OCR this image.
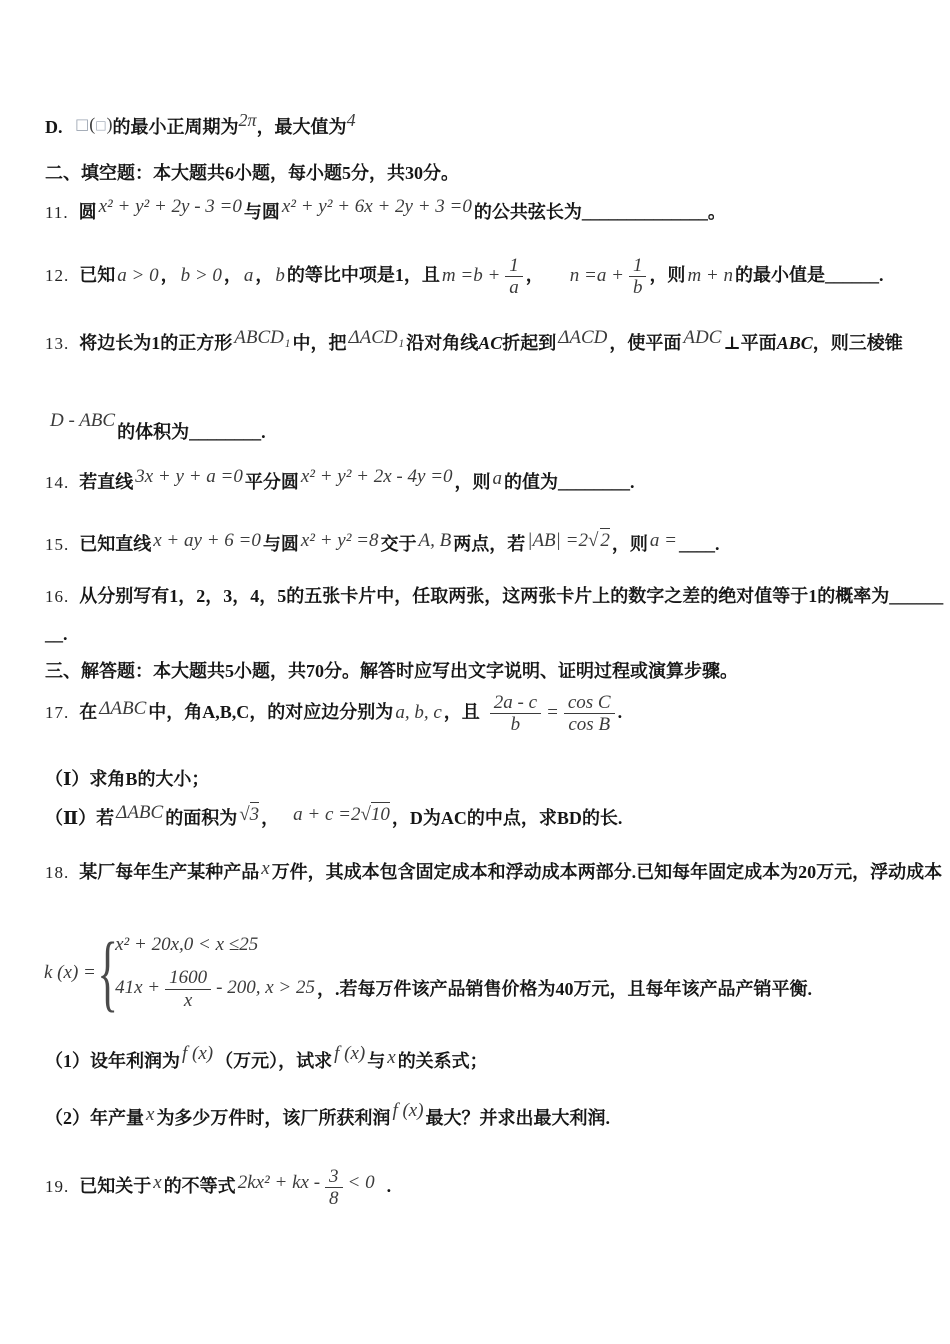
D. □(□)的最小正周期为2π，最大值为4
二、填空题：本大题共6小题，每小题5分，共30分。
11. 圆 x² + y² + 2y - 3 =0 与圆 x² + y² + 6x + 2y + 3 =0 的公共弦长为______________。
12. 已知 a > 0 ， b > 0 ， a ， b 的等比中项是1，且 $m =b + \frac{1}{a}$ ， $n =a + \frac{1}{b}$ ，则 m + n 的最小值是______.
13. 将边长为1的正方形 ABCD₁ 中，把 ΔACD₁ 沿对角线AC折起到 ΔACD ，使平面 ADC ⊥平面ABC，则三棱锥
D - ABC的体积为________.
14. 若直线 3x + y + a =0 平分圆 x² + y² + 2x - 4y =0 ，则 a 的值为________.
15. 已知直线 x + ay + 6 =0 与圆 x² + y² =8 交于 A, B 两点，若 |AB| =2√ 2 ，则 a = ____.
16. 从分别写有1，2，3，4，5的五张卡片中，任取两张，这两张卡片上的数字之差的绝对值等于1的概率为______
__.
三、解答题：本大题共5小题，共70分。解答时应写出文字说明、证明过程或演算步骤。
17. 在 ΔABC 中，角A,B,C，的对应边分别为 a, b, c ，且 $\frac{2a - c}{b} = \frac{\text{cos C}}{\text{cos B}}$ .
（Ⅰ）求角B的大小；
（Ⅱ）若 ΔABC 的面积为 √3 ， a + c =2√10 ，D为AC的中点，求BD的长.
18. 某厂每年生产某种产品 x 万件，其成本包含固定成本和浮动成本两部分.已知每年固定成本为20万元，浮动成本
k (x) = {
x² + 20x,0 < x ≤25
$41x + \frac{1600}{x} - 200$, x > 25 ，.若每万件该产品销售价格为40万元，且每年该产品产销平衡.
（1）设年利润为 f (x) （万元），试求 f (x) 与 x 的关系式；
（2）年产量 x 为多少万件时，该厂所获利润 f (x) 最大？并求出最大利润.
19. 已知关于 x 的不等式 2kx² + kx - $\frac{3}{8} < 0$ .
